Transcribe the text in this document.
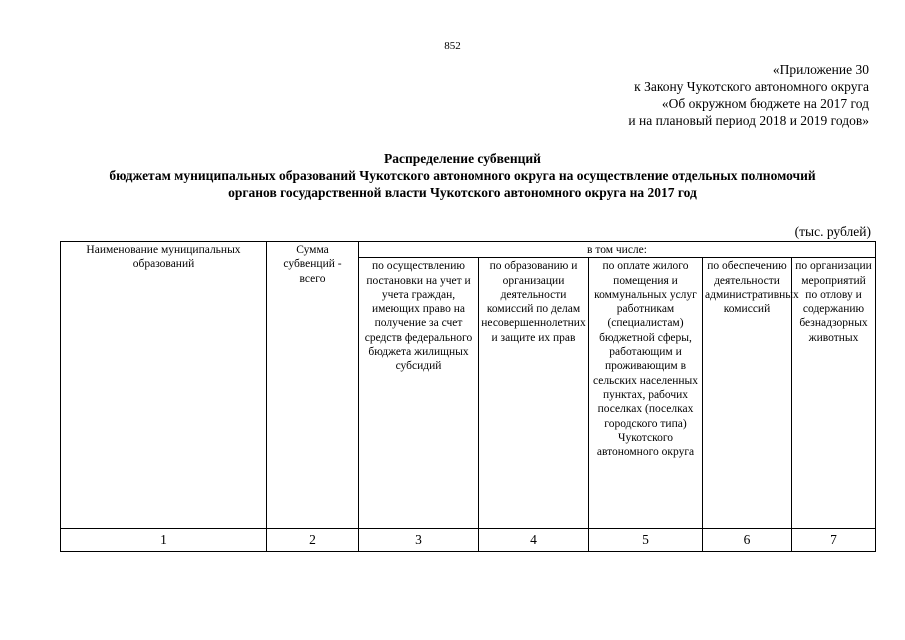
852
«Приложение 30
к Закону Чукотского автономного округа
«Об окружном бюджете на 2017 год
и на плановый период 2018 и 2019 годов»
Распределение субвенций
бюджетам муниципальных образований Чукотского автономного округа на осуществление отдельных полномочий
органов государственной власти Чукотского автономного округа на 2017 год
(тыс. рублей)
Наименование муниципальных образований	Сумма субвенций - всего	в том числе:				
		по осуществлению постановки на учет и учета граждан, имеющих право на получение за счет средств федерального бюджета жилищных субсидий	по образованию и организации деятельности комиссий по делам несовершеннолетних и защите их прав	по оплате жилого помещения и коммунальных услуг работникам (специалистам) бюджетной сферы, работающим и проживающим в сельских населенных пунктах, рабочих поселках (поселках городского типа) Чукотского автономного округа	по обеспечению деятельности административных комиссий	по организации мероприятий по отлову и содержанию безнадзорных животных
1	2	3	4	5	6	7
